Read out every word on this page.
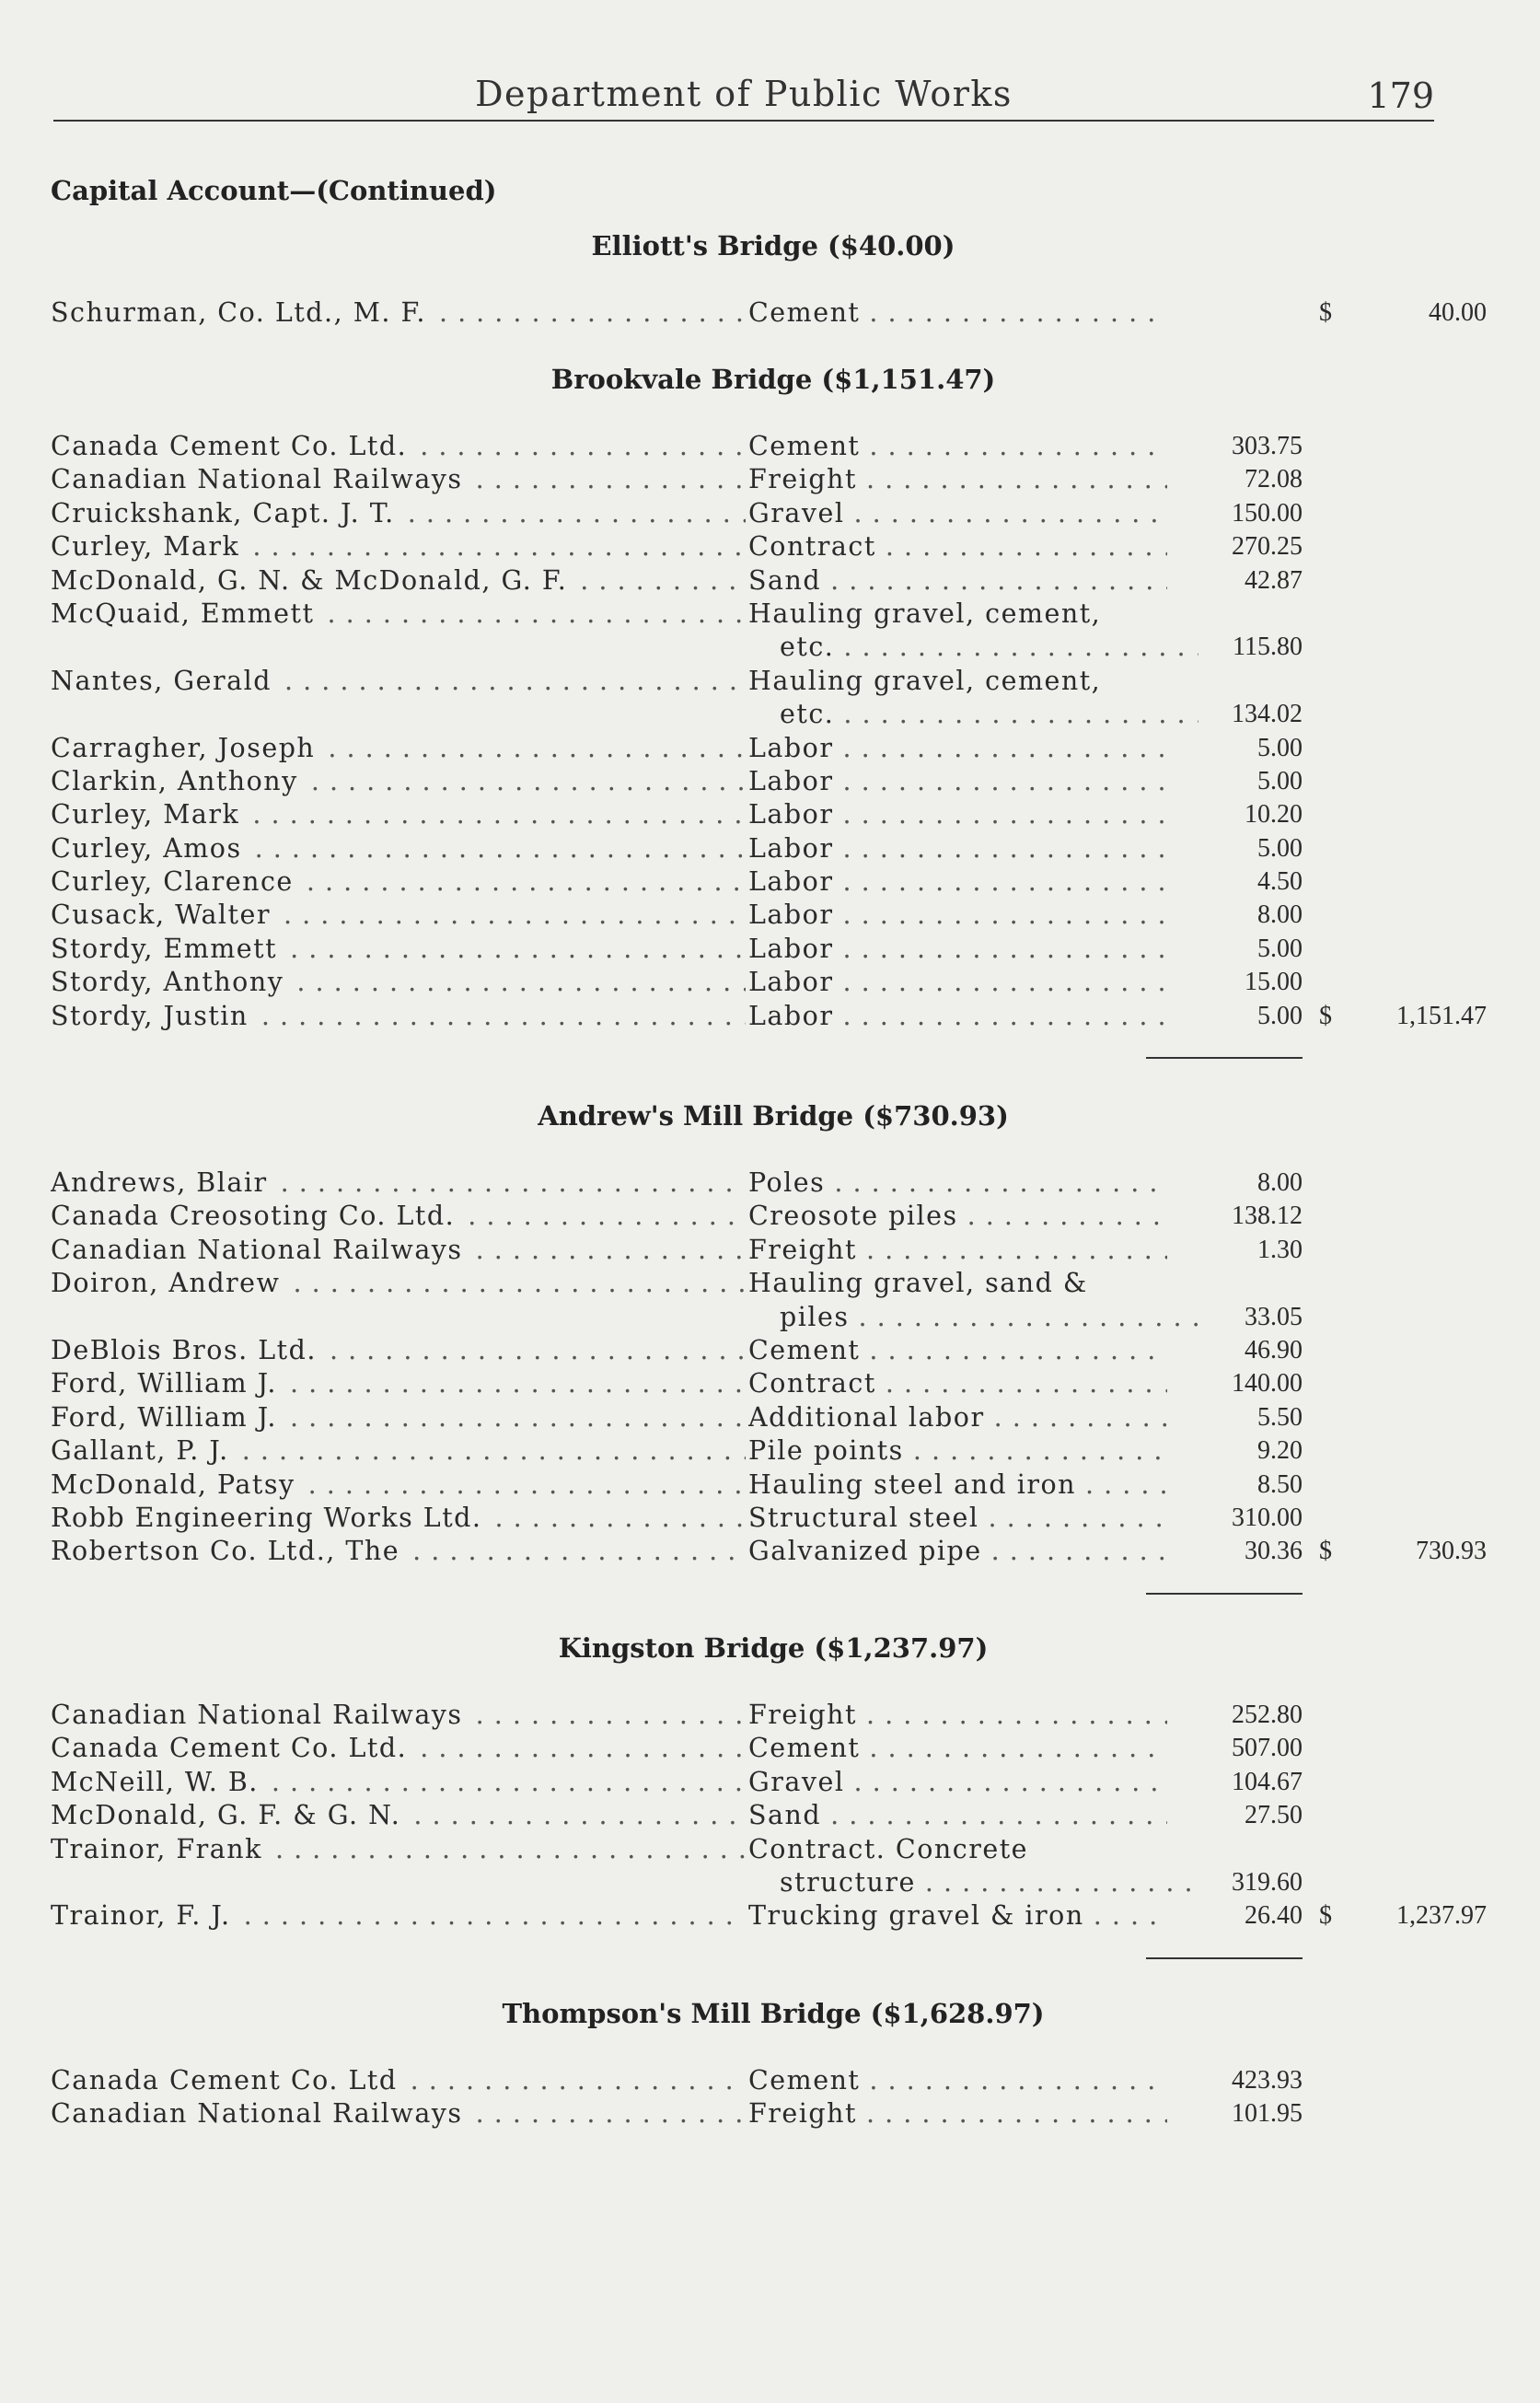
Department of Public Works	179
Capital Account—(Continued)
Elliott's Bridge ($40.00)
Schurman, Co. Ltd., M. F. . . .	Cement . . .	$	40.00
Brookvale Bridge ($1,151.47)
Canada Cement Co. Ltd. . . .	Cement . . .	303.75
Canadian National Railways . . .	Freight . . .	72.08
Cruickshank, Capt. J. T. . . .	Gravel . . .	150.00
Curley, Mark . . .	Contract . . .	270.25
McDonald, G. N. & McDonald, G. F. . . .	Sand . . .	42.87
McQuaid, Emmett . . .	Hauling gravel, cement,
etc. . . .	115.80
Nantes, Gerald . . .	Hauling gravel, cement,
etc. . . .	134.02
Carragher, Joseph . . .	Labor . . .	5.00
Clarkin, Anthony . . .	Labor . . .	5.00
Curley, Mark . . .	Labor . . .	10.20
Curley, Amos . . .	Labor . . .	5.00
Curley, Clarence . . .	Labor . . .	4.50
Cusack, Walter . . .	Labor . . .	8.00
Stordy, Emmett . . .	Labor . . .	5.00
Stordy, Anthony . . .	Labor . . .	15.00
Stordy, Justin . . .	Labor . . .	5.00 $	1,151.47
Andrew's Mill Bridge ($730.93)
Andrews, Blair . . .	Poles . . .	8.00
Canada Creosoting Co. Ltd. . . .	Creosote piles . . .	138.12
Canadian National Railways . . .	Freight . . .	1.30
Doiron, Andrew . . .	Hauling gravel, sand &
piles . . .	33.05
DeBlois Bros. Ltd. . . .	Cement . . .	46.90
Ford, William J. . . .	Contract . . .	140.00
Ford, William J. . . .	Additional labor . . .	5.50
Gallant, P. J. . . .	Pile points . . .	9.20
McDonald, Patsy . . .	Hauling steel and iron . . .	8.50
Robb Engineering Works Ltd. . . .	Structural steel . . .	310.00
Robertson Co. Ltd., The . . .	Galvanized pipe . . .	30.36 $	730.93
Kingston Bridge ($1,237.97)
Canadian National Railways . . .	Freight . . .	252.80
Canada Cement Co. Ltd. . . .	Cement . . .	507.00
McNeill, W. B. . . .	Gravel . . .	104.67
McDonald, G. F. & G. N. . . .	Sand . . .	27.50
Trainor, Frank . . .	Contract. Concrete
structure . . .	319.60
Trainor, F. J. . . .	Trucking gravel & iron . . .	26.40 $	1,237.97
Thompson's Mill Bridge ($1,628.97)
Canada Cement Co. Ltd . . .	Cement . . .	423.93
Canadian National Railways . . .	Freight . . .	101.95
